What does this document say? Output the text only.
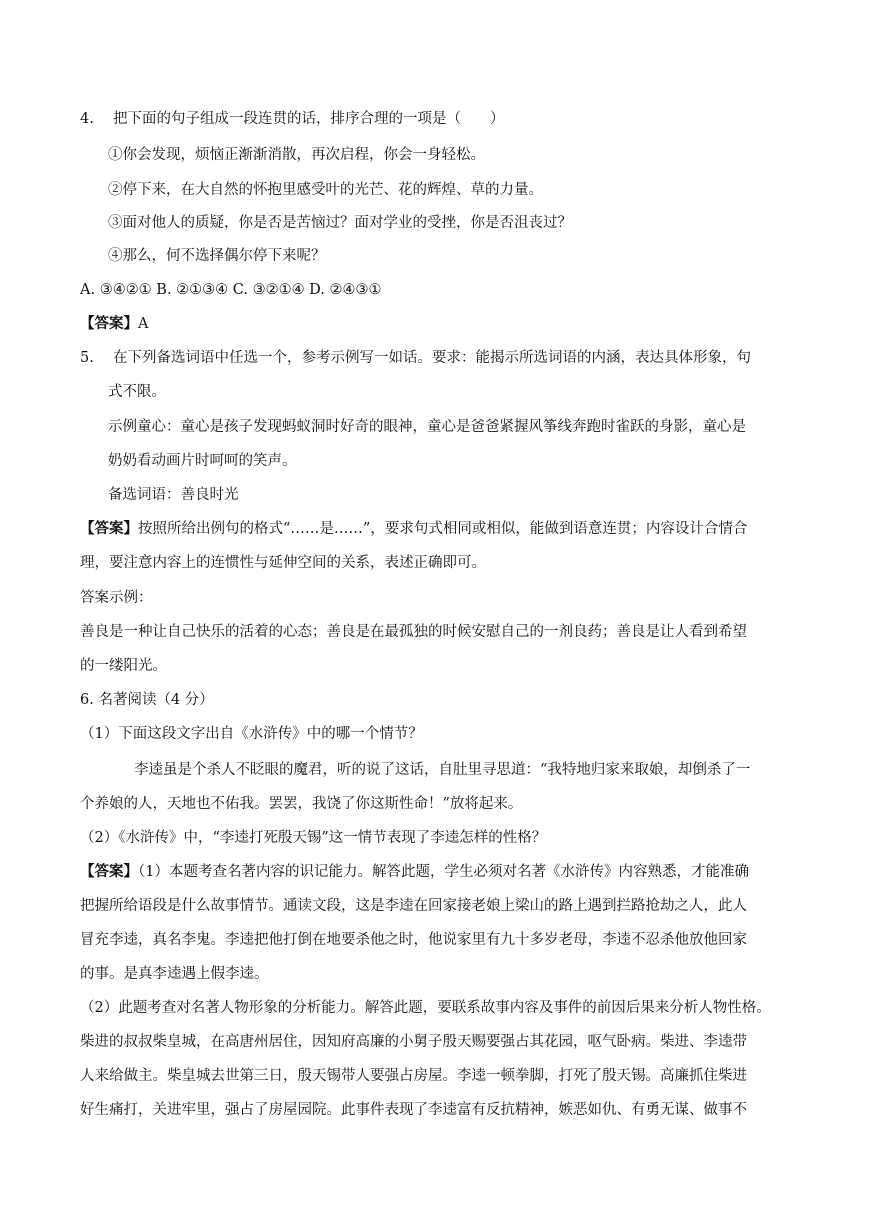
4.　 把下面的句子组成一段连贯的话，排序合理的一项是（　　）
①你会发现，烦恼正渐渐消散，再次启程，你会一身轻松。
②停下来，在大自然的怀抱里感受叶的光芒、花的辉煌、草的力量。
③面对他人的质疑，你是否是苦恼过？面对学业的受挫，你是否沮丧过？
④那么，何不选择偶尔停下来呢？
A. ③④②① B. ②①③④ C. ③②①④ D. ②④③①
【答案】A
5.　 在下列备选词语中任选一个，参考示例写一如话。要求：能揭示所选词语的内涵，表达具体形象，句
式不限。
示例童心：童心是孩子发现蚂蚁洞时好奇的眼神，童心是爸爸紧握风筝线奔跑时雀跃的身影，童心是
奶奶看动画片时呵呵的笑声。
备选词语：善良时光
【答案】按照所给出例句的格式“……是……”，要求句式相同或相似，能做到语意连贯；内容设计合情合
理，要注意内容上的连惯性与延伸空间的关系，表述正确即可。
答案示例：
善良是一种让自己快乐的活着的心态；善良是在最孤独的时候安慰自己的一剂良药；善良是让人看到希望
的一缕阳光。
6. 名著阅读（4 分）
（1）下面这段文字出自《水浒传》中的哪一个情节？
李逵虽是个杀人不眨眼的魔君，听的说了这话，自肚里寻思道：“我特地归家来取娘，却倒杀了一
个养娘的人，天地也不佑我。罢罢，我饶了你这斯性命！”放将起来。
（2）《水浒传》中，“李逵打死殷天锡”这一情节表现了李逵怎样的性格？
【答案】（1）本题考查名著内容的识记能力。解答此题，学生必须对名著《水浒传》内容熟悉，才能准确
把握所给语段是什么故事情节。通读文段，这是李逵在回家接老娘上梁山的路上遇到拦路抢劫之人，此人
冒充李逵，真名李鬼。李逵把他打倒在地要杀他之时，他说家里有九十多岁老母，李逵不忍杀他放他回家
的事。是真李逵遇上假李逵。
（2）此题考查对名著人物形象的分析能力。解答此题，要联系故事内容及事件的前因后果来分析人物性格。
柴进的叔叔柴皇城，在高唐州居住，因知府高廉的小舅子殷天赐要强占其花园，呕气卧病。柴进、李逵带
人来给做主。柴皇城去世第三日，殷天锡带人要强占房屋。李逵一顿拳脚，打死了殷天锡。高廉抓住柴进
好生痛打，关进牢里，强占了房屋园院。此事件表现了李逵富有反抗精神，嫉恶如仇、有勇无谋、做事不
